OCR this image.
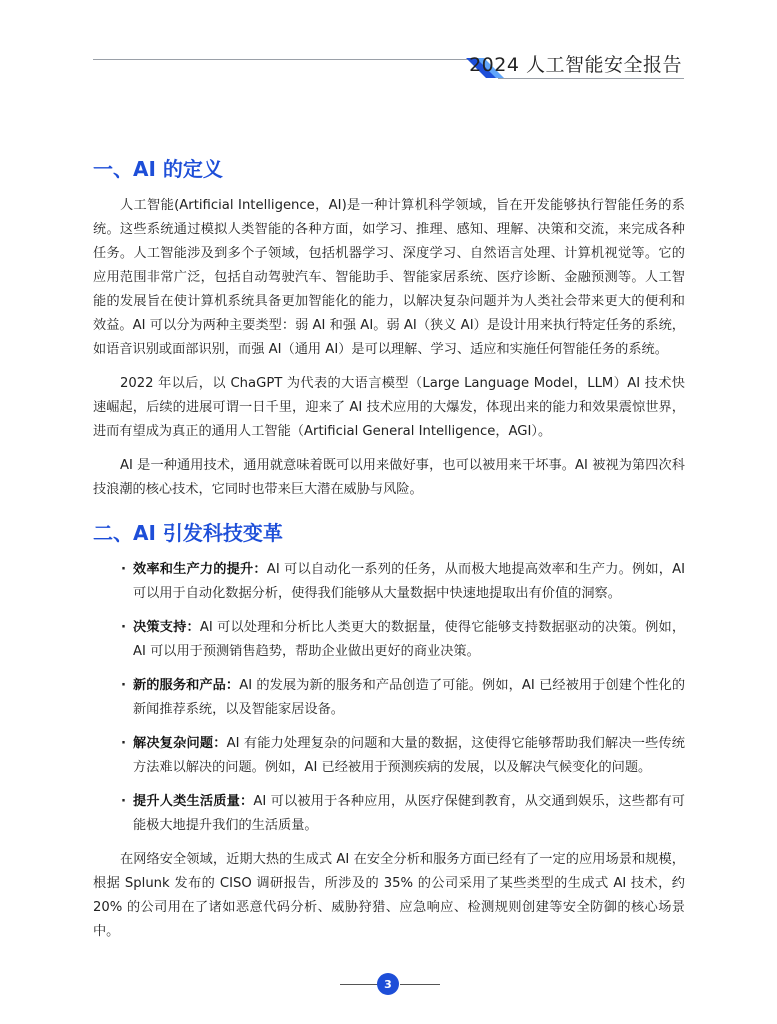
2024 人工智能安全报告
一、AI 的定义

人工智能(Artificial Intelligence，AI)是一种计算机科学领域，旨在开发能够执行智能任务的系统。这些系统通过模拟人类智能的各种方面，如学习、推理、感知、理解、决策和交流，来完成各种任务。人工智能涉及到多个子领域，包括机器学习、深度学习、自然语言处理、计算机视觉等。它的应用范围非常广泛，包括自动驾驶汽车、智能助手、智能家居系统、医疗诊断、金融预测等。人工智能的发展旨在使计算机系统具备更加智能化的能力，以解决复杂问题并为人类社会带来更大的便利和效益。AI 可以分为两种主要类型：弱 AI 和强 AI。弱 AI（狭义 AI）是设计用来执行特定任务的系统，如语音识别或面部识别，而强 AI（通用 AI）是可以理解、学习、适应和实施任何智能任务的系统。

2022 年以后，以 ChaGPT 为代表的大语言模型（Large Language Model，LLM）AI 技术快速崛起，后续的进展可谓一日千里，迎来了 AI 技术应用的大爆发，体现出来的能力和效果震惊世界，进而有望成为真正的通用人工智能（Artificial General Intelligence，AGI）。

AI 是一种通用技术，通用就意味着既可以用来做好事，也可以被用来干坏事。AI 被视为第四次科技浪潮的核心技术，它同时也带来巨大潜在威胁与风险。

二、AI 引发科技变革
· 效率和生产力的提升：AI 可以自动化一系列的任务，从而极大地提高效率和生产力。例如，AI 可以用于自动化数据分析，使得我们能够从大量数据中快速地提取出有价值的洞察。
· 决策支持：AI 可以处理和分析比人类更大的数据量，使得它能够支持数据驱动的决策。例如，AI 可以用于预测销售趋势，帮助企业做出更好的商业决策。
· 新的服务和产品：AI 的发展为新的服务和产品创造了可能。例如，AI 已经被用于创建个性化的新闻推荐系统，以及智能家居设备。
· 解决复杂问题：AI 有能力处理复杂的问题和大量的数据，这使得它能够帮助我们解决一些传统方法难以解决的问题。例如，AI 已经被用于预测疾病的发展，以及解决气候变化的问题。
· 提升人类生活质量：AI 可以被用于各种应用，从医疗保健到教育，从交通到娱乐，这些都有可能极大地提升我们的生活质量。

在网络安全领域，近期大热的生成式 AI 在安全分析和服务方面已经有了一定的应用场景和规模，根据 Splunk 发布的 CISO 调研报告，所涉及的 35% 的公司采用了某些类型的生成式 AI 技术，约 20% 的公司用在了诸如恶意代码分析、威胁狩猎、应急响应、检测规则创建等安全防御的核心场景中。

3
